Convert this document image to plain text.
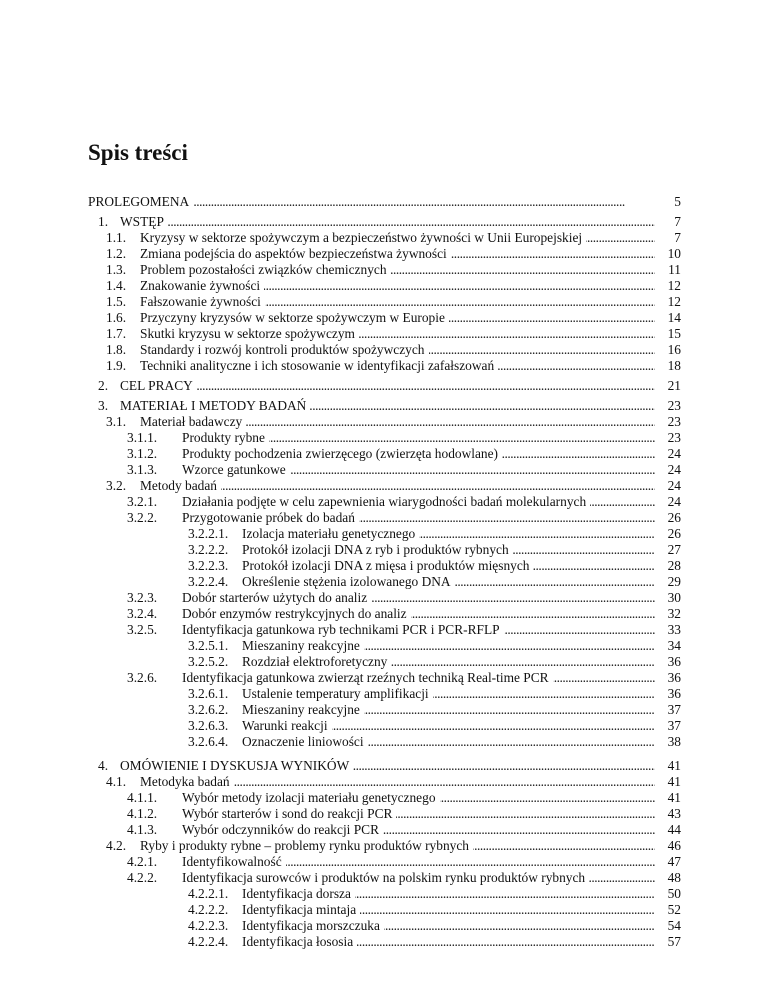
Spis treści
. . .
PROLEGOMENA	5
1. . . . WSTĘP	7
1.1. . . . Kryzysy w sektorze spożywczym a bezpieczeństwo żywności w Unii Europejskiej	7
1.2. . . . Zmiana podejścia do aspektów bezpieczeństwa żywności	10
1.3. . . . Problem pozostałości związków chemicznych	11
1.4. . . . Znakowanie żywności	12
1.5. . . . Fałszowanie żywności	12
1.6. . . . Przyczyny kryzysów w sektorze spożywczym w Europie	14
1.7. . . . Skutki kryzysu w sektorze spożywczym	15
1.8. . . . Standardy i rozwój kontroli produktów spożywczych	16
1.9. . . . Techniki analityczne i ich stosowanie w identyfikacji zafałszowań	18
2. . . . CEL PRACY	21
3. . . . MATERIAŁ I METODY BADAŃ	23
3.1. . . . Materiał badawczy	23
3.1.1. . . . Produkty rybne	23
3.1.2. . . . Produkty pochodzenia zwierzęcego (zwierzęta hodowlane)	24
3.1.3. . . . Wzorce gatunkowe	24
3.2. . . . Metody badań	24
3.2.1. . . . Działania podjęte w celu zapewnienia wiarygodności badań molekularnych	24
3.2.2. . . . Przygotowanie próbek do badań	26
3.2.2.1. . . . Izolacja materiału genetycznego	26
3.2.2.2. . . . Protokół izolacji DNA z ryb i produktów rybnych	27
3.2.2.3. . . . Protokół izolacji DNA z mięsa i produktów mięsnych	28
3.2.2.4. . . . Określenie stężenia izolowanego DNA	29
3.2.3. . . . Dobór starterów użytych do analiz	30
3.2.4. . . . Dobór enzymów restrykcyjnych do analiz	32
3.2.5. . . . Identyfikacja gatunkowa ryb technikami PCR i PCR-RFLP	33
3.2.5.1. . . . Mieszaniny reakcyjne	34
3.2.5.2. . . . Rozdział elektroforetyczny	36
3.2.6. . . . Identyfikacja gatunkowa zwierząt rzeźnych techniką Real-time PCR	36
3.2.6.1. . . . Ustalenie temperatury amplifikacji	36
3.2.6.2. . . . Mieszaniny reakcyjne	37
3.2.6.3. . . . Warunki reakcji	37
3.2.6.4. . . . Oznaczenie liniowości	38
4. . . . OMÓWIENIE I DYSKUSJA WYNIKÓW	41
4.1. . . . Metodyka badań	41
4.1.1. . . . Wybór metody izolacji materiału genetycznego	41
4.1.2. . . . Wybór starterów i sond do reakcji PCR	43
4.1.3. . . . Wybór odczynników do reakcji PCR	44
4.2. . . . Ryby i produkty rybne – problemy rynku produktów rybnych	46
4.2.1. . . . Identyfikowalność	47
4.2.2. . . . Identyfikacja surowców i produktów na polskim rynku produktów rybnych	48
4.2.2.1. . . . Identyfikacja dorsza	50
4.2.2.2. . . . Identyfikacja mintaja	52
4.2.2.3. . . . Identyfikacja morszczuka	54
4.2.2.4. . . . Identyfikacja łososia	57
